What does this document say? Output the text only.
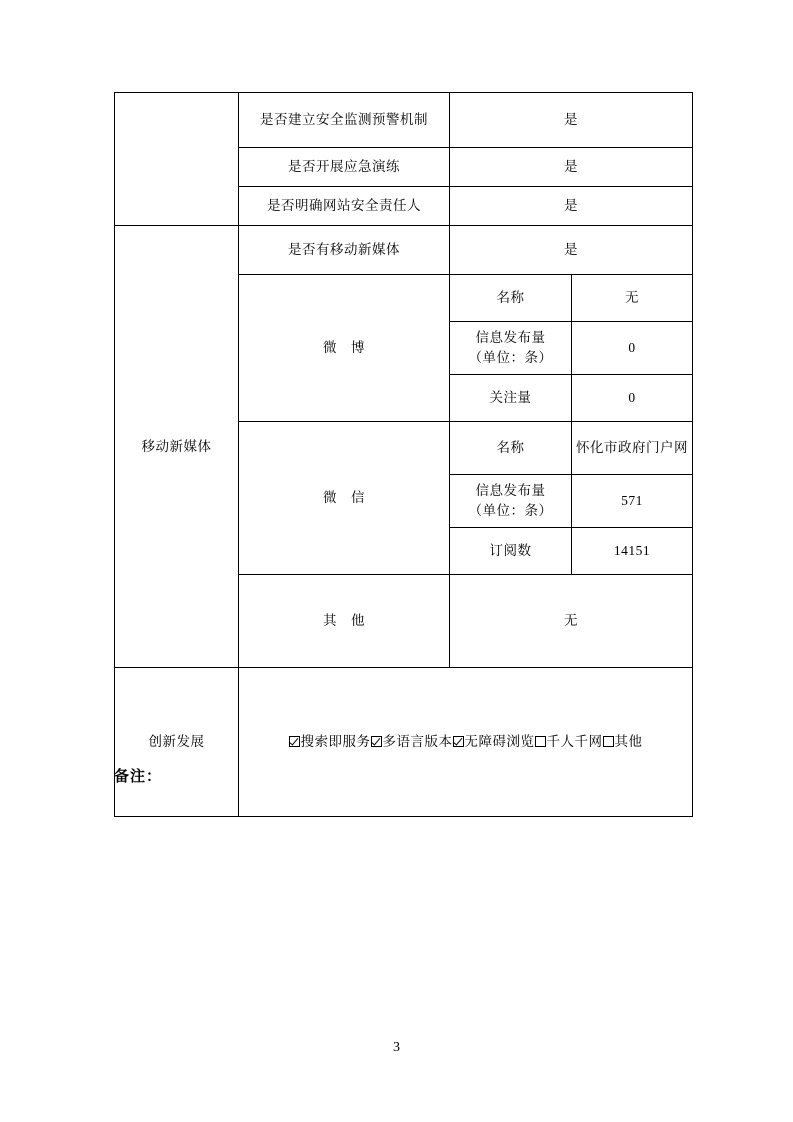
	是否建立安全监测预警机制	是	
	是否开展应急演练	是	
	是否明确网站安全责任人	是	
移动新媒体	是否有移动新媒体	是	
	微　博	名称	无

		信息发布量
（单位：条）	0
		关注量	0
	微　信	名称	怀化市政府门户网

		信息发布量
（单位：条）	571
		订阅数	14151
	其　他	无	
创新发展	搜索即服务 多语言版本 无障碍浏览 千人千网 其他		
备注：
3
